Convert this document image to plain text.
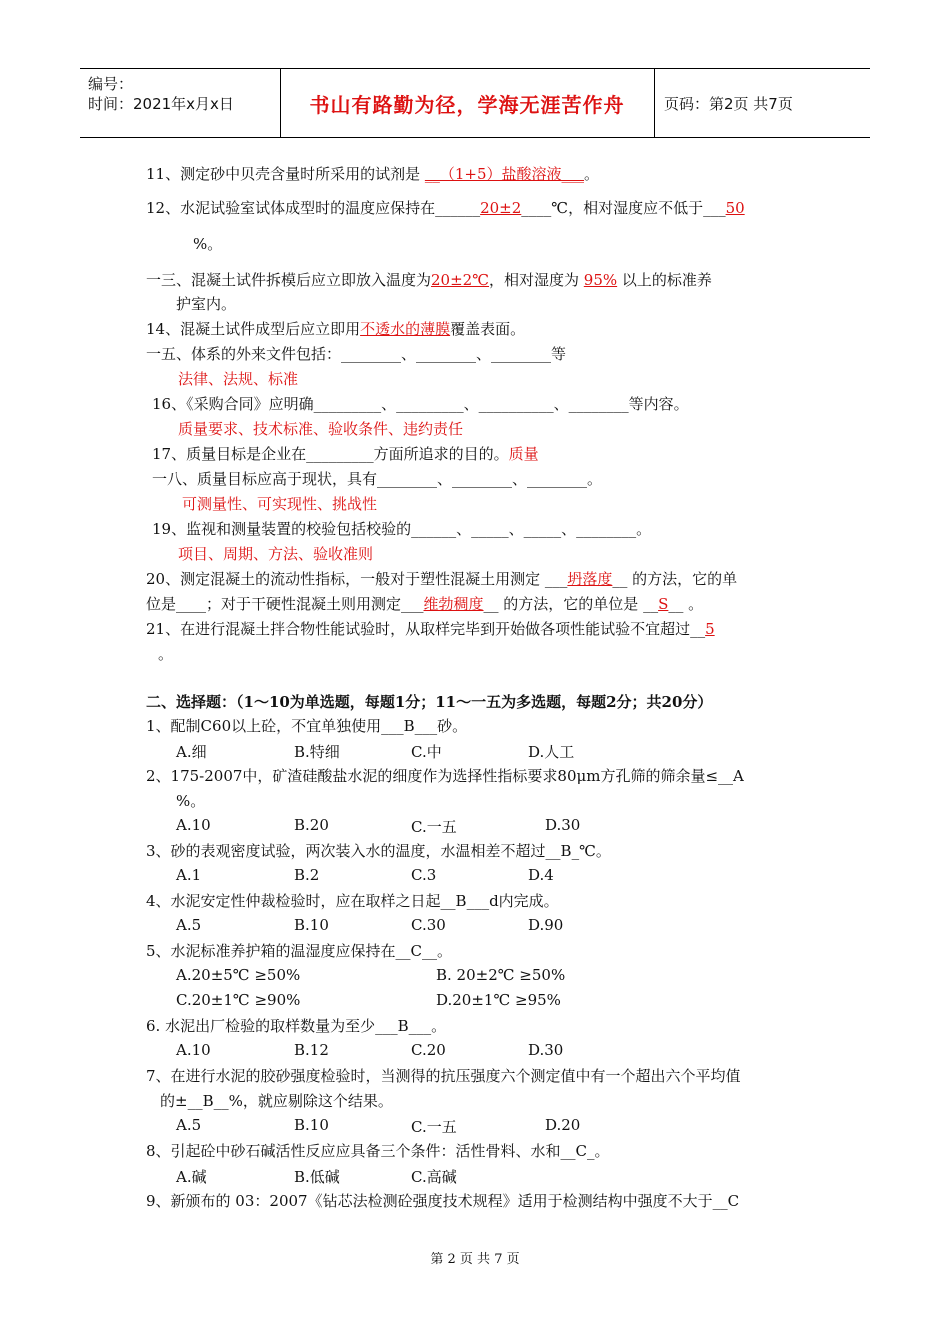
编号：
时间：2021年x月x日	书山有路勤为径，学海无涯苦作舟	页码：第2页 共7页
11、测定砂中贝壳含量时所采用的试剂是 __（1+5）盐酸溶液___。
12、水泥试验室试体成型时的温度应保持在______20±2____℃，相对湿度应不低于___50
%。
一三、混凝土试件拆模后应立即放入温度为20±2℃，相对湿度为 95% 以上的标准养
护室内。
14、混凝土试件成型后应立即用不透水的薄膜覆盖表面。
一五、体系的外来文件包括：________、________、________等
法律、法规、标准
16、《采购合同》应明确_________、_________、__________、________等内容。
质量要求、技术标准、验收条件、违约责任
17、质量目标是企业在_________方面所追求的目的。质量
一八、质量目标应高于现状，具有________、________、________。
可测量性、可实现性、挑战性
19、监视和测量装置的校验包括校验的______、_____、_____、________。
项目、周期、方法、验收准则
20、测定混凝土的流动性指标，一般对于塑性混凝土用测定 ___坍落度__ 的方法，它的单
位是____；对于干硬性混凝土则用测定___维勃稠度__ 的方法，它的单位是 __S__ 。
21、在进行混凝土拌合物性能试验时，从取样完毕到开始做各项性能试验不宜超过__5
。
二、选择题：（1～10为单选题，每题1分；11～一五为多选题，每题2分；共20分）
1、配制C60以上砼，不宜单独使用___B___砂。
A.细	B.特细	C.中	D.人工
2、175-2007中，矿渣硅酸盐水泥的细度作为选择性指标要求80μm方孔筛的筛余量≤__A
%。
A.10	B.20	C.一五	D.30
3、砂的表观密度试验，两次装入水的温度，水温相差不超过__B_℃。
A.1	B.2	C.3	D.4
4、水泥安定性仲裁检验时，应在取样之日起__B___d内完成。
A.5	B.10	C.30	D.90
5、水泥标准养护箱的温湿度应保持在__C__。
A.20±5℃ ≥50%	B. 20±2℃ ≥50%
C.20±1℃ ≥90%	D.20±1℃ ≥95%
6. 水泥出厂检验的取样数量为至少___B___。
A.10	B.12	C.20	D.30
7、在进行水泥的胶砂强度检验时，当测得的抗压强度六个测定值中有一个超出六个平均值
的±__B__%，就应剔除这个结果。
A.5	B.10	C.一五	D.20
8、引起砼中砂石碱活性反应应具备三个条件：活性骨料、水和__C_。
A.碱	B.低碱	C.高碱
9、新颁布的 03：2007《钻芯法检测砼强度技术规程》适用于检测结构中强度不大于__C
第 2 页 共 7 页
